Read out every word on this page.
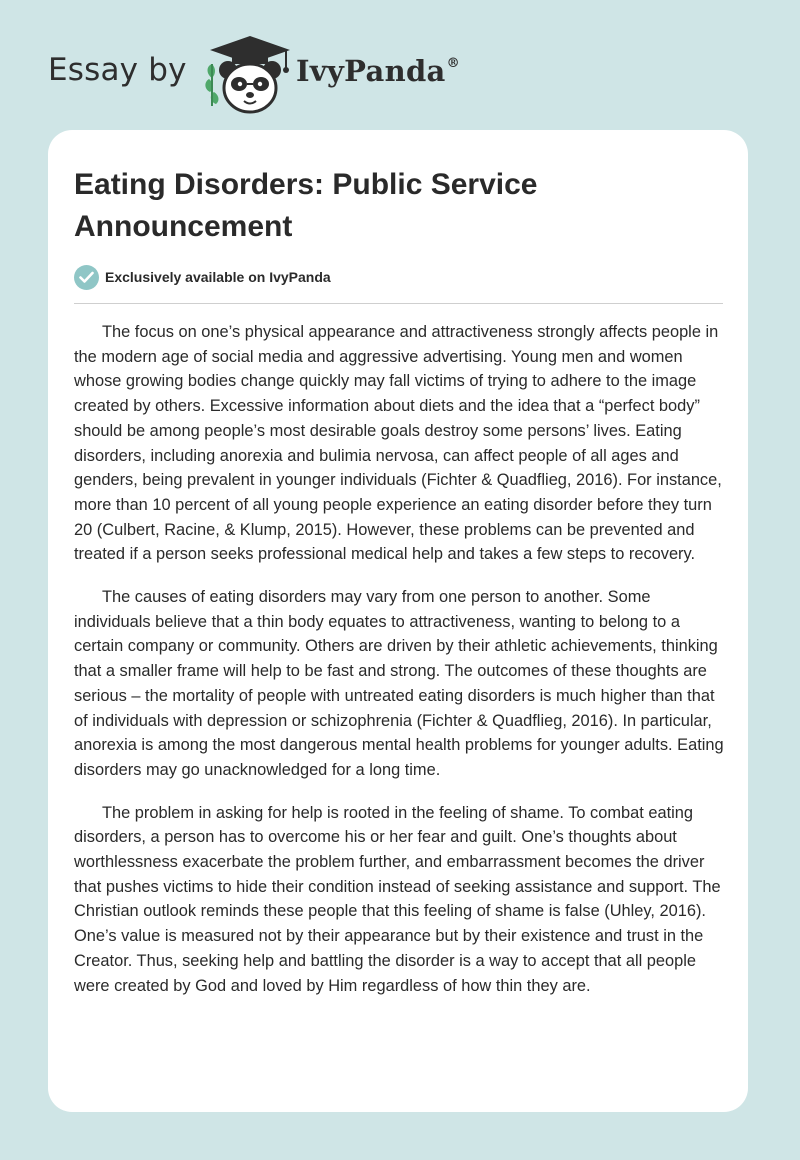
Essay by	IvyPanda®
Eating Disorders: Public Service Announcement
Exclusively available on IvyPanda

The focus on one’s physical appearance and attractiveness strongly affects people in the modern age of social media and aggressive advertising. Young men and women whose growing bodies change quickly may fall victims of trying to adhere to the image created by others. Excessive information about diets and the idea that a “perfect body” should be among people’s most desirable goals destroy some persons’ lives. Eating disorders, including anorexia and bulimia nervosa, can affect people of all ages and genders, being prevalent in younger individuals (Fichter & Quadflieg, 2016). For instance, more than 10 percent of all young people experience an eating disorder before they turn 20 (Culbert, Racine, & Klump, 2015). However, these problems can be prevented and treated if a person seeks professional medical help and takes a few steps to recovery.

The causes of eating disorders may vary from one person to another. Some individuals believe that a thin body equates to attractiveness, wanting to belong to a certain company or community. Others are driven by their athletic achievements, thinking that a smaller frame will help to be fast and strong. The outcomes of these thoughts are serious – the mortality of people with untreated eating disorders is much higher than that of individuals with depression or schizophrenia (Fichter & Quadflieg, 2016). In particular, anorexia is among the most dangerous mental health problems for younger adults. Eating disorders may go unacknowledged for a long time.

The problem in asking for help is rooted in the feeling of shame. To combat eating disorders, a person has to overcome his or her fear and guilt. One’s thoughts about worthlessness exacerbate the problem further, and embarrassment becomes the driver that pushes victims to hide their condition instead of seeking assistance and support. The Christian outlook reminds these people that this feeling of shame is false (Uhley, 2016). One’s value is measured not by their appearance but by their existence and trust in the Creator. Thus, seeking help and battling the disorder is a way to accept that all people were created by God and loved by Him regardless of how thin they are.
